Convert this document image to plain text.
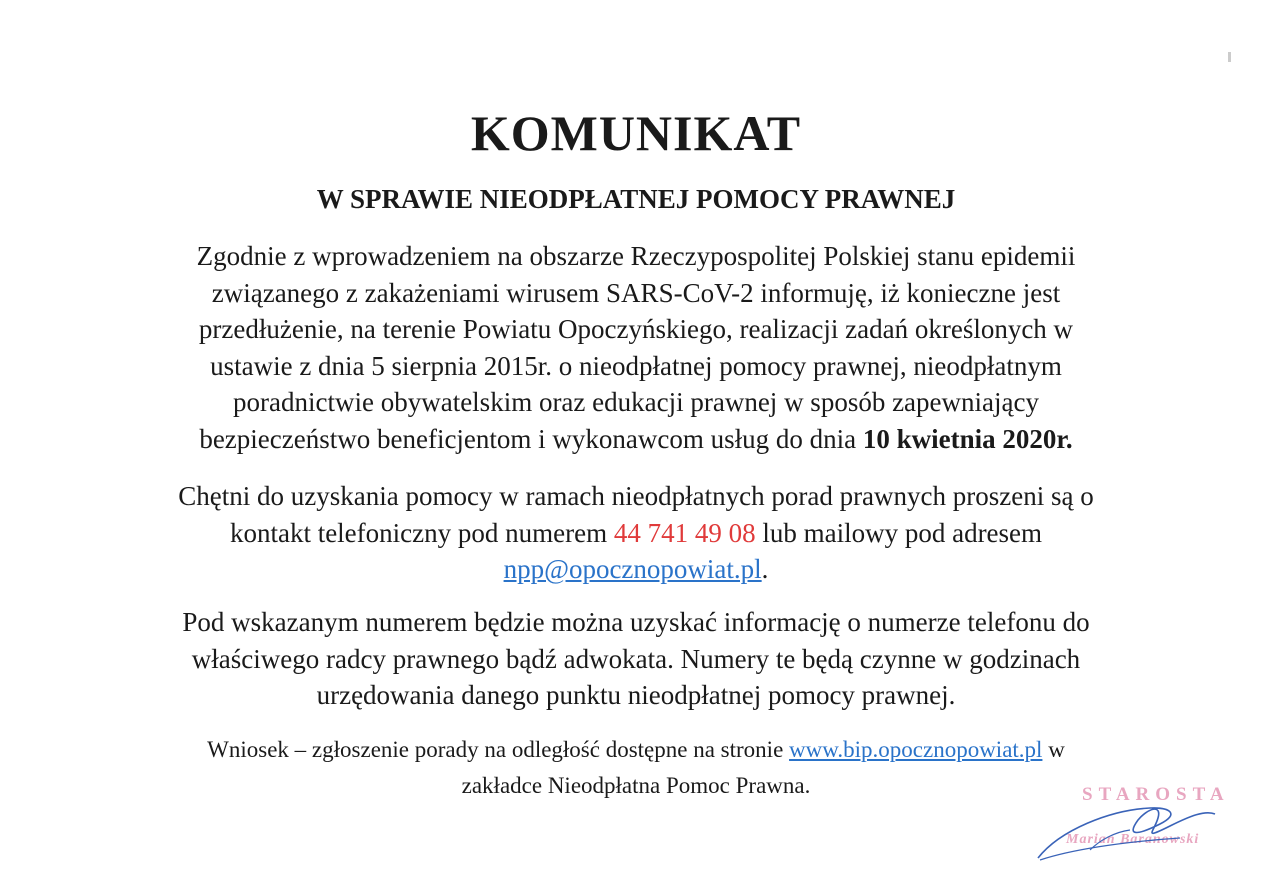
KOMUNIKAT
W SPRAWIE NIEODPŁATNEJ POMOCY PRAWNEJ
Zgodnie z wprowadzeniem na obszarze Rzeczypospolitej Polskiej stanu epidemii
związanego z zakażeniami wirusem SARS-CoV-2 informuję, iż konieczne jest
przedłużenie, na terenie Powiatu Opoczyńskiego, realizacji zadań określonych w
ustawie z dnia 5 sierpnia 2015r. o nieodpłatnej pomocy prawnej, nieodpłatnym
poradnictwie obywatelskim oraz edukacji prawnej w sposób zapewniający
bezpieczeństwo beneficjentom i wykonawcom usług do dnia 10 kwietnia 2020r.
Chętni do uzyskania pomocy w ramach nieodpłatnych porad prawnych proszeni są o
kontakt telefoniczny pod numerem 44 741 49 08 lub mailowy pod adresem
npp@opocznopowiat.pl.
Pod wskazanym numerem będzie można uzyskać informację o numerze telefonu do
właściwego radcy prawnego bądź adwokata. Numery te będą czynne w godzinach
urzędowania danego punktu nieodpłatnej pomocy prawnej.
Wniosek – zgłoszenie porady na odległość dostępne na stronie www.bip.opocznopowiat.pl w
zakładce Nieodpłatna Pomoc Prawna.	STAROSTA
Marian Baranowski
